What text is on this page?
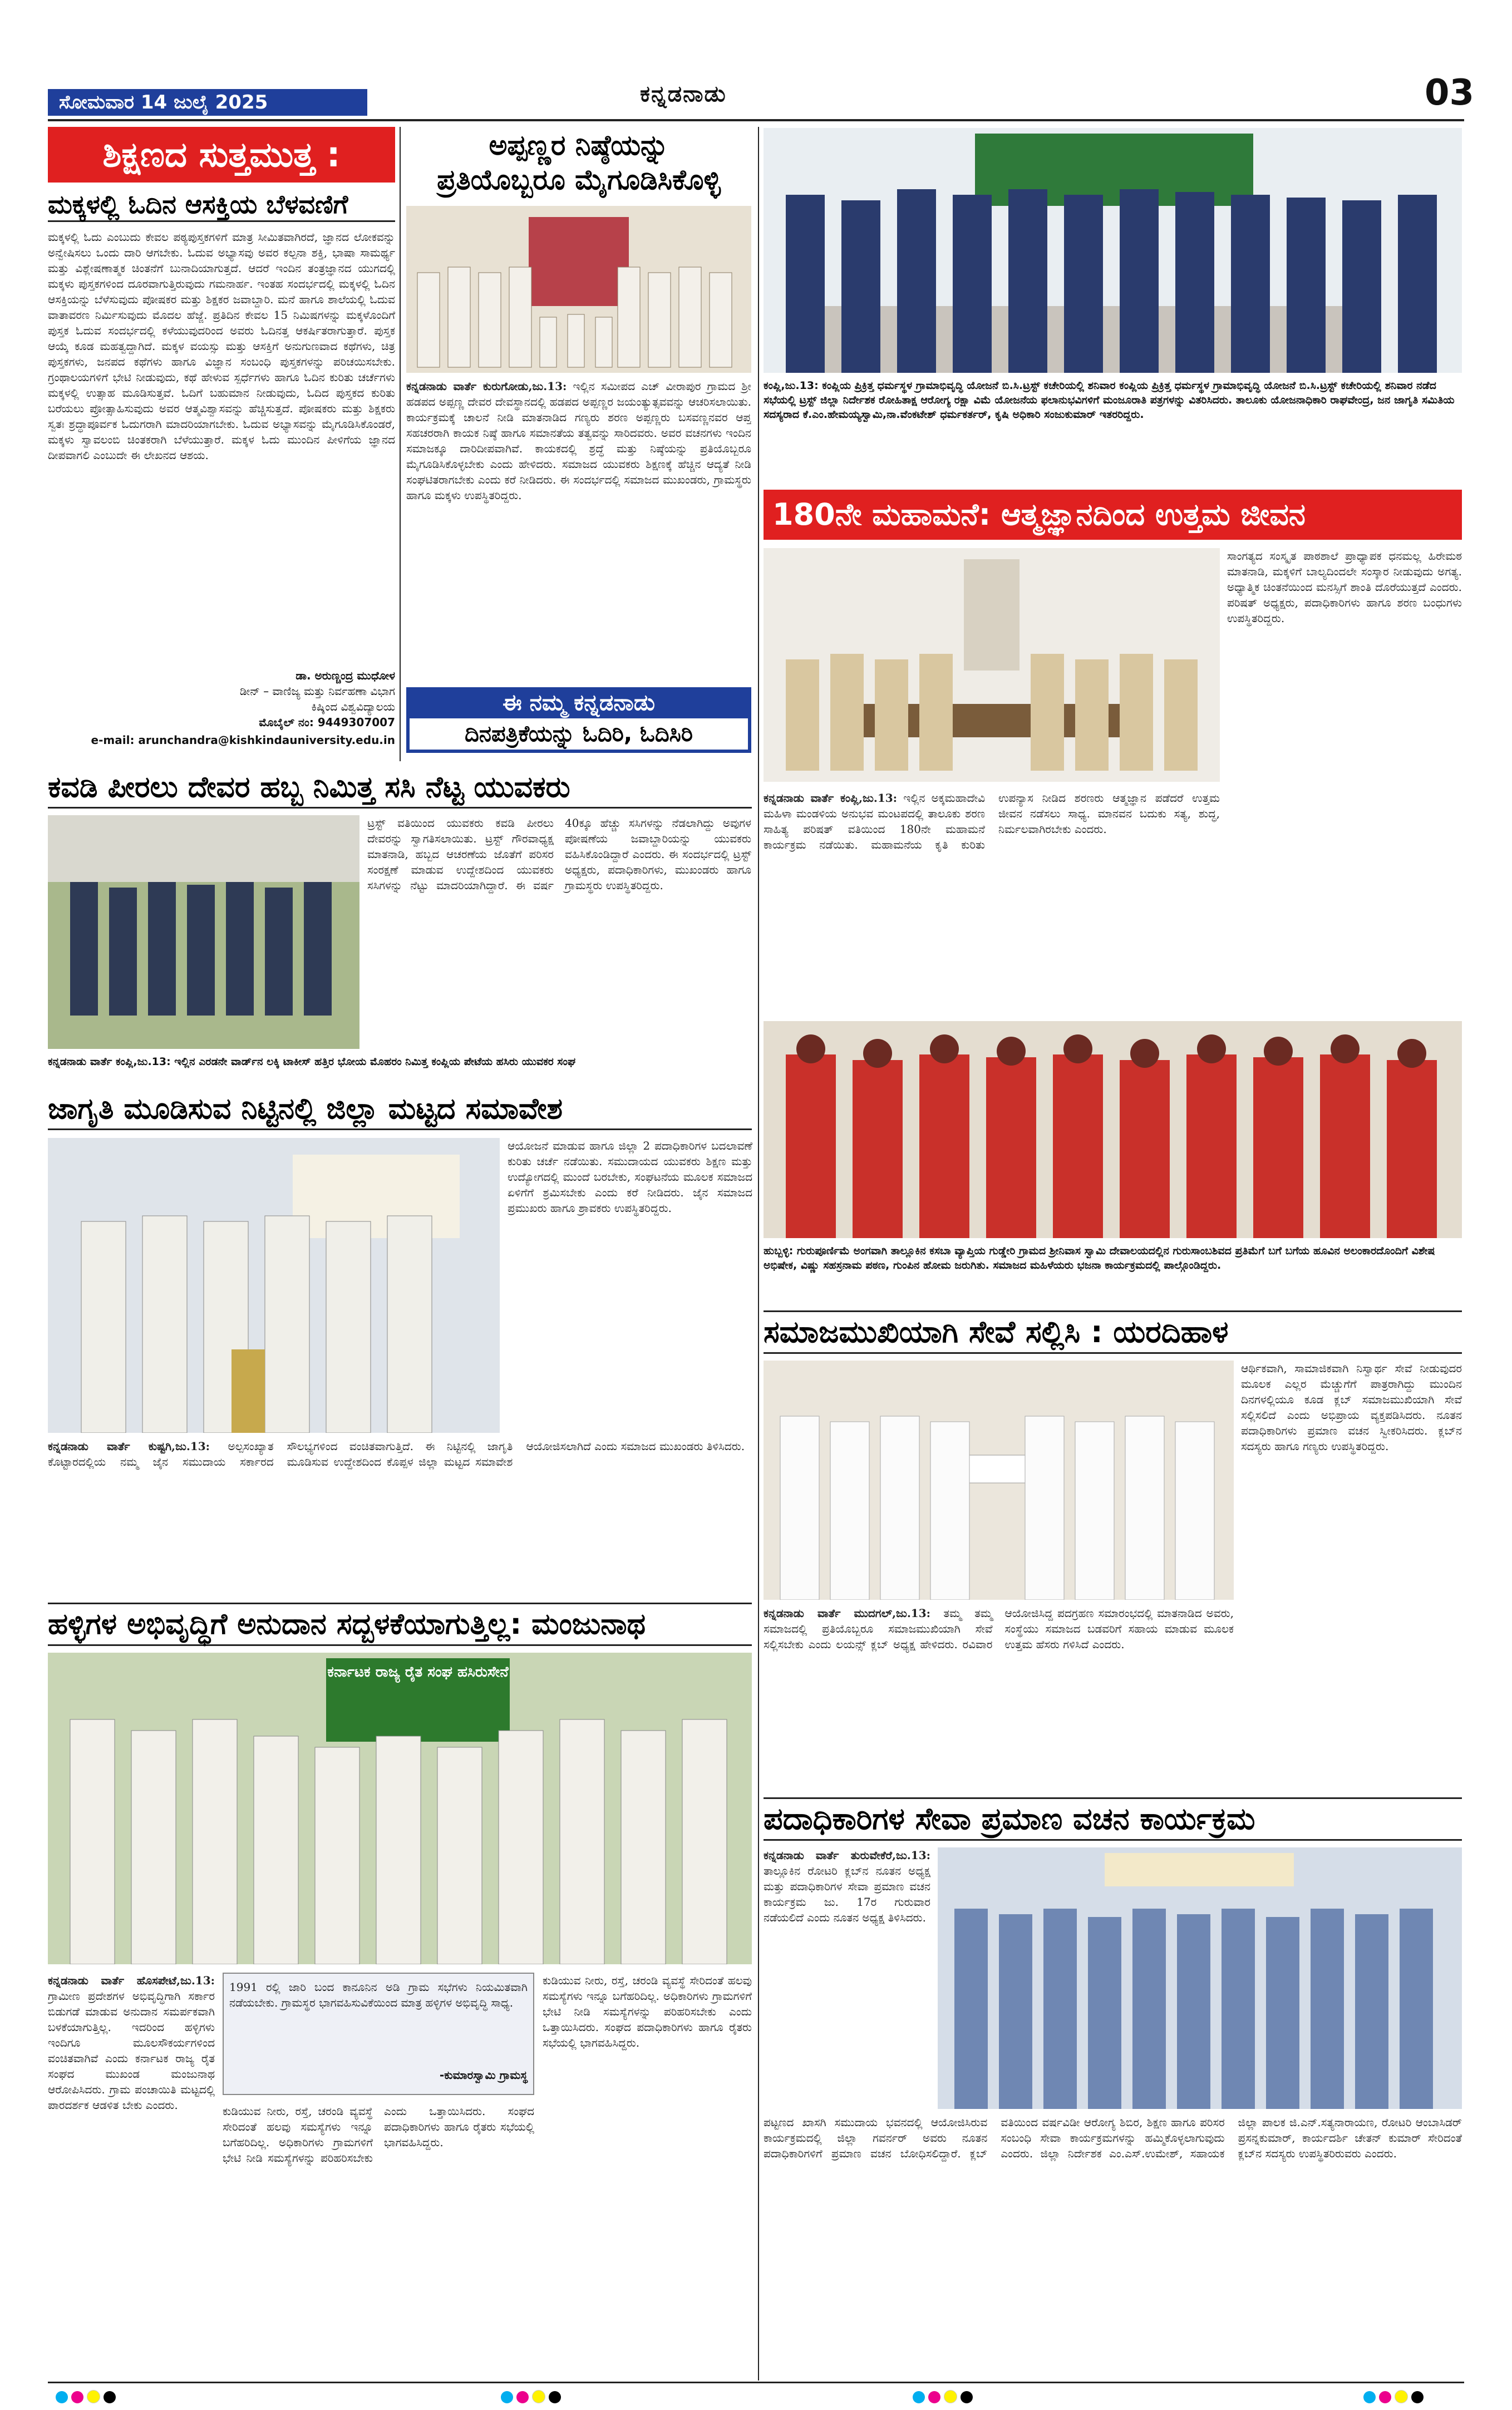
ಸೋಮವಾರ 14 ಜುಲೈ 2025	ಕನ್ನಡನಾಡು	03
ಶಿಕ್ಷಣದ ಸುತ್ತಮುತ್ತ :
ಮಕ್ಕಳಲ್ಲಿ ಓದಿನ ಆಸಕ್ತಿಯ ಬೆಳವಣಿಗೆ
ಮಕ್ಕಳಲ್ಲಿ ಓದು ಎಂಬುದು ಕೇವಲ ಪಠ್ಯಪುಸ್ತಕಗಳಿಗೆ ಮಾತ್ರ ಸೀಮಿತವಾಗಿರದೆ, ಜ್ಞಾನದ ಲೋಕವನ್ನು ಅನ್ವೇಷಿಸಲು ಒಂದು ದಾರಿ ಆಗಬೇಕು. ಓದುವ ಅಭ್ಯಾಸವು ಅವರ ಕಲ್ಪನಾ ಶಕ್ತಿ, ಭಾಷಾ ಸಾಮರ್ಥ್ಯ ಮತ್ತು ವಿಶ್ಲೇಷಣಾತ್ಮಕ ಚಿಂತನೆಗೆ ಬುನಾದಿಯಾಗುತ್ತದೆ. ಆದರೆ ಇಂದಿನ ತಂತ್ರಜ್ಞಾನದ ಯುಗದಲ್ಲಿ ಮಕ್ಕಳು ಪುಸ್ತಕಗಳಿಂದ ದೂರವಾಗುತ್ತಿರುವುದು ಗಮನಾರ್ಹ. ಇಂತಹ ಸಂದರ್ಭದಲ್ಲಿ ಮಕ್ಕಳಲ್ಲಿ ಓದಿನ ಆಸಕ್ತಿಯನ್ನು ಬೆಳೆಸುವುದು ಪೋಷಕರ ಮತ್ತು ಶಿಕ್ಷಕರ ಜವಾಬ್ದಾರಿ. ಮನೆ ಹಾಗೂ ಶಾಲೆಯಲ್ಲಿ ಓದುವ ವಾತಾವರಣ ನಿರ್ಮಿಸುವುದು ಮೊದಲ ಹೆಜ್ಜೆ. ಪ್ರತಿದಿನ ಕೇವಲ 15 ನಿಮಿಷಗಳನ್ನು ಮಕ್ಕಳೊಂದಿಗೆ ಪುಸ್ತಕ ಓದುವ ಸಂದರ್ಭದಲ್ಲಿ ಕಳೆಯುವುದರಿಂದ ಅವರು ಓದಿನತ್ತ ಆಕರ್ಷಿತರಾಗುತ್ತಾರೆ. ಪುಸ್ತಕ ಆಯ್ಕೆ ಕೂಡ ಮಹತ್ವದ್ದಾಗಿದೆ. ಮಕ್ಕಳ ವಯಸ್ಸು ಮತ್ತು ಆಸಕ್ತಿಗೆ ಅನುಗುಣವಾದ ಕಥೆಗಳು, ಚಿತ್ರ ಪುಸ್ತಕಗಳು, ಜನಪದ ಕಥೆಗಳು ಹಾಗೂ ವಿಜ್ಞಾನ ಸಂಬಂಧಿ ಪುಸ್ತಕಗಳನ್ನು ಪರಿಚಯಿಸಬೇಕು. ಗ್ರಂಥಾಲಯಗಳಿಗೆ ಭೇಟಿ ನೀಡುವುದು, ಕಥೆ ಹೇಳುವ ಸ್ಪರ್ಧೆಗಳು ಹಾಗೂ ಓದಿನ ಕುರಿತು ಚರ್ಚೆಗಳು ಮಕ್ಕಳಲ್ಲಿ ಉತ್ಸಾಹ ಮೂಡಿಸುತ್ತವೆ. ಓದಿಗೆ ಬಹುಮಾನ ನೀಡುವುದು, ಓದಿದ ಪುಸ್ತಕದ ಕುರಿತು ಬರೆಯಲು ಪ್ರೋತ್ಸಾಹಿಸುವುದು ಅವರ ಆತ್ಮವಿಶ್ವಾಸವನ್ನು ಹೆಚ್ಚಿಸುತ್ತದೆ. ಪೋಷಕರು ಮತ್ತು ಶಿಕ್ಷಕರು ಸ್ವತಃ ಶ್ರದ್ಧಾಪೂರ್ವಕ ಓದುಗರಾಗಿ ಮಾದರಿಯಾಗಬೇಕು. ಓದುವ ಅಭ್ಯಾಸವನ್ನು ಮೈಗೂಡಿಸಿಕೊಂಡರೆ, ಮಕ್ಕಳು ಸ್ವಾವಲಂಬಿ ಚಿಂತಕರಾಗಿ ಬೆಳೆಯುತ್ತಾರೆ. ಮಕ್ಕಳ ಓದು ಮುಂದಿನ ಪೀಳಿಗೆಯ ಜ್ಞಾನದ ದೀಪವಾಗಲಿ ಎಂಬುದೇ ಈ ಲೇಖನದ ಆಶಯ.
ಡಾ. ಅರುಣ್ಚಂದ್ರ ಮುಧೋಳ
ಡೀನ್ – ವಾಣಿಜ್ಯ ಮತ್ತು ನಿರ್ವಹಣಾ ವಿಭಾಗ
ಕಿಷ್ಕಿಂದ ವಿಶ್ವವಿದ್ಯಾಲಯ
ಮೊಬೈಲ್ ನಂ: 9449307007
e-mail: arunchandra@kishkindauniversity.edu.in
ಅಪ್ಪಣ್ಣರ ನಿಷ್ಠೆಯನ್ನು
ಪ್ರತಿಯೊಬ್ಬರೂ ಮೈಗೂಡಿಸಿಕೊಳ್ಳಿ
ಕನ್ನಡನಾಡು ವಾರ್ತೆ ಕುರುಗೋಡು,ಜು.13: ಇಲ್ಲಿನ ಸಮೀಪದ ಎಚ್ ವೀರಾಪುರ ಗ್ರಾಮದ ಶ್ರೀ ಹಡಪದ ಅಪ್ಪಣ್ಣ ದೇವರ ದೇವಸ್ಥಾನದಲ್ಲಿ ಹಡಪದ ಅಪ್ಪಣ್ಣರ ಜಯಂತ್ಯುತ್ಸವವನ್ನು ಆಚರಿಸಲಾಯಿತು. ಕಾರ್ಯಕ್ರಮಕ್ಕೆ ಚಾಲನೆ ನೀಡಿ ಮಾತನಾಡಿದ ಗಣ್ಯರು ಶರಣ ಅಪ್ಪಣ್ಣರು ಬಸವಣ್ಣನವರ ಆಪ್ತ ಸಹಚರರಾಗಿ ಕಾಯಕ ನಿಷ್ಠೆ ಹಾಗೂ ಸಮಾನತೆಯ ತತ್ವವನ್ನು ಸಾರಿದವರು. ಅವರ ವಚನಗಳು ಇಂದಿನ ಸಮಾಜಕ್ಕೂ ದಾರಿದೀಪವಾಗಿವೆ. ಕಾಯಕದಲ್ಲಿ ಶ್ರದ್ಧೆ ಮತ್ತು ನಿಷ್ಠೆಯನ್ನು ಪ್ರತಿಯೊಬ್ಬರೂ ಮೈಗೂಡಿಸಿಕೊಳ್ಳಬೇಕು ಎಂದು ಹೇಳಿದರು. ಸಮಾಜದ ಯುವಕರು ಶಿಕ್ಷಣಕ್ಕೆ ಹೆಚ್ಚಿನ ಆದ್ಯತೆ ನೀಡಿ ಸಂಘಟಿತರಾಗಬೇಕು ಎಂದು ಕರೆ ನೀಡಿದರು. ಈ ಸಂದರ್ಭದಲ್ಲಿ ಸಮಾಜದ ಮುಖಂಡರು, ಗ್ರಾಮಸ್ಥರು ಹಾಗೂ ಮಕ್ಕಳು ಉಪಸ್ಥಿತರಿದ್ದರು.
ಈ ನಮ್ಮ ಕನ್ನಡನಾಡು
ದಿನಪತ್ರಿಕೆಯನ್ನು ಓದಿರಿ, ಓದಿಸಿರಿ
ಕಂಪ್ಲಿ,ಜು.13: ಕಂಪ್ಲಿಯ ಪ್ರಿಕ್ರಿತ್ತ ಧರ್ಮಸ್ಥಳ ಗ್ರಾಮಾಭಿವೃದ್ಧಿ ಯೋಜನೆ ಬಿ.ಸಿ.ಟ್ರಸ್ಟ್ ಕಚೇರಿಯಲ್ಲಿ ಶನಿವಾರ ಕಂಪ್ಲಿಯ ಪ್ರಿಕ್ರಿತ್ತ ಧರ್ಮಸ್ಥಳ ಗ್ರಾಮಾಭಿವೃದ್ಧಿ ಯೋಜನೆ ಬಿ.ಸಿ.ಟ್ರಸ್ಟ್ ಕಚೇರಿಯಲ್ಲಿ ಶನಿವಾರ ನಡೆದ ಸಭೆಯಲ್ಲಿ ಟ್ರಸ್ಟ್ ಜಿಲ್ಲಾ ನಿರ್ದೇಶಕ ರೋಹಿತಾಕ್ಷ ಆರೋಗ್ಯ ರಕ್ಷಾ ವಿಮೆ ಯೋಜನೆಯ ಫಲಾನುಭವಿಗಳಿಗೆ ಮಂಜೂರಾತಿ ಪತ್ರಗಳನ್ನು ವಿತರಿಸಿದರು. ತಾಲೂಕು ಯೋಜನಾಧಿಕಾರಿ ರಾಘವೇಂದ್ರ, ಜನ ಜಾಗೃತಿ ಸಮಿತಿಯ ಸದಸ್ಯರಾದ ಕೆ.ಎಂ.ಹೇಮಯ್ಯಸ್ವಾಮಿ,ನಾ.ವೆಂಕಟೇಶ್ ಧರ್ಮಕರ್ತರ್, ಕೃಷಿ ಅಧಿಕಾರಿ ಸಂಜುಕುಮಾರ್ ಇತರರಿದ್ದರು.
180ನೇ ಮಹಾಮನೆ: ಆತ್ಮಜ್ಞಾನದಿಂದ ಉತ್ತಮ ಜೀವನ
ಸಾಂಗತ್ಯದ ಸಂಸ್ಕೃತ ಪಾಠಶಾಲೆ ಪ್ರಾಧ್ಯಾಪಕ ಧನಮಲ್ಲ ಹಿರೇಮಠ ಮಾತನಾಡಿ, ಮಕ್ಕಳಿಗೆ ಬಾಲ್ಯದಿಂದಲೇ ಸಂಸ್ಕಾರ ನೀಡುವುದು ಅಗತ್ಯ. ಅಧ್ಯಾತ್ಮಿಕ ಚಿಂತನೆಯಿಂದ ಮನಸ್ಸಿಗೆ ಶಾಂತಿ ದೊರೆಯುತ್ತದೆ ಎಂದರು. ಪರಿಷತ್ ಅಧ್ಯಕ್ಷರು, ಪದಾಧಿಕಾರಿಗಳು ಹಾಗೂ ಶರಣ ಬಂಧುಗಳು ಉಪಸ್ಥಿತರಿದ್ದರು.
ಕನ್ನಡನಾಡು ವಾರ್ತೆ ಕಂಪ್ಲಿ,ಜು.13: ಇಲ್ಲಿನ ಅಕ್ಕಮಹಾದೇವಿ ಮಹಿಳಾ ಮಂಡಳಿಯ ಅನುಭವ ಮಂಟಪದಲ್ಲಿ ತಾಲೂಕು ಶರಣ ಸಾಹಿತ್ಯ ಪರಿಷತ್ ವತಿಯಿಂದ 180ನೇ ಮಹಾಮನೆ ಕಾರ್ಯಕ್ರಮ ನಡೆಯಿತು. ಮಹಾಮನೆಯ ಕೃತಿ ಕುರಿತು ಉಪನ್ಯಾಸ ನೀಡಿದ ಶರಣರು ಆತ್ಮಜ್ಞಾನ ಪಡೆದರೆ ಉತ್ತಮ ಜೀವನ ನಡೆಸಲು ಸಾಧ್ಯ. ಮಾನವನ ಬದುಕು ಸತ್ಯ, ಶುದ್ಧ, ನಿರ್ಮಲವಾಗಿರಬೇಕು ಎಂದರು.
ಹುಬ್ಬಳ್ಳಿ: ಗುರುಪೂರ್ಣಿಮೆ ಅಂಗವಾಗಿ ತಾಲ್ಲೂಕಿನ ಕಸಬಾ ವ್ಯಾಪ್ತಿಯ ಗುಡ್ಡೇರಿ ಗ್ರಾಮದ ಶ್ರೀನಿವಾಸ ಸ್ವಾಮಿ ದೇವಾಲಯದಲ್ಲಿನ ಗುರುಸಾಂಬಶಿವದ ಪ್ರತಿಮೆಗೆ ಬಗೆ ಬಗೆಯ ಹೂವಿನ ಅಲಂಕಾರದೊಂದಿಗೆ ವಿಶೇಷ ಅಭಿಷೇಕ, ವಿಷ್ಣು ಸಹಸ್ರನಾಮ ಪಠಣ, ಗುಂಪಿನ ಹೋಮ ಜರುಗಿತು. ಸಮಾಜದ ಮಹಿಳೆಯರು ಭಜನಾ ಕಾರ್ಯಕ್ರಮದಲ್ಲಿ ಪಾಲ್ಗೊಂಡಿದ್ದರು.
ಕವಡಿ ಪೀರಲು ದೇವರ ಹಬ್ಬ ನಿಮಿತ್ತ ಸಸಿ ನೆಟ್ಟ ಯುವಕರು
ಟ್ರಸ್ಟ್ ವತಿಯಿಂದ ಯುವಕರು ಕವಡಿ ಪೀರಲು ದೇವರನ್ನು ಸ್ವಾಗತಿಸಲಾಯಿತು. ಟ್ರಸ್ಟ್ ಗೌರವಾಧ್ಯಕ್ಷ ಮಾತನಾಡಿ, ಹಬ್ಬದ ಆಚರಣೆಯ ಜೊತೆಗೆ ಪರಿಸರ ಸಂರಕ್ಷಣೆ ಮಾಡುವ ಉದ್ದೇಶದಿಂದ ಯುವಕರು ಸಸಿಗಳನ್ನು ನೆಟ್ಟು ಮಾದರಿಯಾಗಿದ್ದಾರೆ. ಈ ವರ್ಷ 40ಕ್ಕೂ ಹೆಚ್ಚು ಸಸಿಗಳನ್ನು ನೆಡಲಾಗಿದ್ದು ಅವುಗಳ ಪೋಷಣೆಯ ಜವಾಬ್ದಾರಿಯನ್ನು ಯುವಕರು ವಹಿಸಿಕೊಂಡಿದ್ದಾರೆ ಎಂದರು. ಈ ಸಂದರ್ಭದಲ್ಲಿ ಟ್ರಸ್ಟ್ ಅಧ್ಯಕ್ಷರು, ಪದಾಧಿಕಾರಿಗಳು, ಮುಖಂಡರು ಹಾಗೂ ಗ್ರಾಮಸ್ಥರು ಉಪಸ್ಥಿತರಿದ್ದರು.
ಕನ್ನಡನಾಡು ವಾರ್ತೆ ಕಂಪ್ಲಿ,ಜು.13: ಇಲ್ಲಿನ ಎರಡನೇ ವಾರ್ಡ್‌ನ ಲಕ್ಕಿ ಟಾಕೀಸ್ ಹತ್ತಿರ ಭೋಯ ಮೊಹರಂ ನಿಮಿತ್ತ ಕಂಪ್ಲಿಯ ಪೇಟೆಯ ಹಸಿರು ಯುವಕರ ಸಂಘ
ಜಾಗೃತಿ ಮೂಡಿಸುವ ನಿಟ್ಟಿನಲ್ಲಿ ಜಿಲ್ಲಾ ಮಟ್ಟದ ಸಮಾವೇಶ
ಆಯೋಜನೆ ಮಾಡುವ ಹಾಗೂ ಜಿಲ್ಲಾ 2 ಪದಾಧಿಕಾರಿಗಳ ಬದಲಾವಣೆ ಕುರಿತು ಚರ್ಚೆ ನಡೆಯಿತು. ಸಮುದಾಯದ ಯುವಕರು ಶಿಕ್ಷಣ ಮತ್ತು ಉದ್ಯೋಗದಲ್ಲಿ ಮುಂದೆ ಬರಬೇಕು, ಸಂಘಟನೆಯ ಮೂಲಕ ಸಮಾಜದ ಏಳಿಗೆಗೆ ಶ್ರಮಿಸಬೇಕು ಎಂದು ಕರೆ ನೀಡಿದರು. ಜೈನ ಸಮಾಜದ ಪ್ರಮುಖರು ಹಾಗೂ ಶ್ರಾವಕರು ಉಪಸ್ಥಿತರಿದ್ದರು.
ಕನ್ನಡನಾಡು ವಾರ್ತೆ ಕುಷ್ಟಗಿ,ಜು.13: ಅಲ್ಪಸಂಖ್ಯಾತ ಕೊಟ್ಟಾರದಲ್ಲಿಯ ನಮ್ಮ ಜೈನ ಸಮುದಾಯ ಸರ್ಕಾರದ ಸೌಲಭ್ಯಗಳಿಂದ ವಂಚಿತವಾಗುತ್ತಿದೆ. ಈ ನಿಟ್ಟಿನಲ್ಲಿ ಜಾಗೃತಿ ಮೂಡಿಸುವ ಉದ್ದೇಶದಿಂದ ಕೊಪ್ಪಳ ಜಿಲ್ಲಾ ಮಟ್ಟದ ಸಮಾವೇಶ ಆಯೋಜಿಸಲಾಗಿದೆ ಎಂದು ಸಮಾಜದ ಮುಖಂಡರು ತಿಳಿಸಿದರು.
ಸಮಾಜಮುಖಿಯಾಗಿ ಸೇವೆ ಸಲ್ಲಿಸಿ : ಯರದಿಹಾಳ
ಆರ್ಥಿಕವಾಗಿ, ಸಾಮಾಜಿಕವಾಗಿ ನಿಸ್ವಾರ್ಥ ಸೇವೆ ನೀಡುವುದರ ಮೂಲಕ ಎಲ್ಲರ ಮೆಚ್ಚುಗೆಗೆ ಪಾತ್ರರಾಗಿದ್ದು ಮುಂದಿನ ದಿನಗಳಲ್ಲಿಯೂ ಕೂಡ ಕ್ಲಬ್ ಸಮಾಜಮುಖಿಯಾಗಿ ಸೇವೆ ಸಲ್ಲಿಸಲಿದೆ ಎಂದು ಅಭಿಪ್ರಾಯ ವ್ಯಕ್ತಪಡಿಸಿದರು. ನೂತನ ಪದಾಧಿಕಾರಿಗಳು ಪ್ರಮಾಣ ವಚನ ಸ್ವೀಕರಿಸಿದರು. ಕ್ಲಬ್‌ನ ಸದಸ್ಯರು ಹಾಗೂ ಗಣ್ಯರು ಉಪಸ್ಥಿತರಿದ್ದರು.
ಕನ್ನಡನಾಡು ವಾರ್ತೆ ಮುದಗಲ್,ಜು.13: ತಮ್ಮ ತಮ್ಮ ಸಮಾಜದಲ್ಲಿ ಪ್ರತಿಯೊಬ್ಬರೂ ಸಮಾಜಮುಖಿಯಾಗಿ ಸೇವೆ ಸಲ್ಲಿಸಬೇಕು ಎಂದು ಲಯನ್ಸ್ ಕ್ಲಬ್ ಅಧ್ಯಕ್ಷ ಹೇಳಿದರು. ರವಿವಾರ ಆಯೋಜಿಸಿದ್ದ ಪದಗ್ರಹಣ ಸಮಾರಂಭದಲ್ಲಿ ಮಾತನಾಡಿದ ಅವರು, ಸಂಸ್ಥೆಯು ಸಮಾಜದ ಬಡವರಿಗೆ ಸಹಾಯ ಮಾಡುವ ಮೂಲಕ ಉತ್ತಮ ಹೆಸರು ಗಳಿಸಿದೆ ಎಂದರು.
ಹಳ್ಳಿಗಳ ಅಭಿವೃದ್ಧಿಗೆ ಅನುದಾನ ಸದ್ಬಳಕೆಯಾಗುತ್ತಿಲ್ಲ: ಮಂಜುನಾಥ
ಕರ್ನಾಟಕ ರಾಜ್ಯ ರೈತ ಸಂಘ ಹಸಿರುಸೇನೆ
ಕನ್ನಡನಾಡು ವಾರ್ತೆ ಹೊಸಪೇಟೆ,ಜು.13: ಗ್ರಾಮೀಣ ಪ್ರದೇಶಗಳ ಅಭಿವೃದ್ಧಿಗಾಗಿ ಸರ್ಕಾರ ಬಿಡುಗಡೆ ಮಾಡುವ ಅನುದಾನ ಸಮರ್ಪಕವಾಗಿ ಬಳಕೆಯಾಗುತ್ತಿಲ್ಲ. ಇದರಿಂದ ಹಳ್ಳಿಗಳು ಇಂದಿಗೂ ಮೂಲಸೌಕರ್ಯಗಳಿಂದ ವಂಚಿತವಾಗಿವೆ ಎಂದು ಕರ್ನಾಟಕ ರಾಜ್ಯ ರೈತ ಸಂಘದ ಮುಖಂಡ ಮಂಜುನಾಥ ಆರೋಪಿಸಿದರು. ಗ್ರಾಮ ಪಂಚಾಯಿತಿ ಮಟ್ಟದಲ್ಲಿ ಪಾರದರ್ಶಕ ಆಡಳಿತ ಬೇಕು ಎಂದರು.
1991 ರಲ್ಲಿ ಜಾರಿ ಬಂದ ಕಾನೂನಿನ ಅಡಿ ಗ್ರಾಮ ಸಭೆಗಳು ನಿಯಮಿತವಾಗಿ ನಡೆಯಬೇಕು. ಗ್ರಾಮಸ್ಥರ ಭಾಗವಹಿಸುವಿಕೆಯಿಂದ ಮಾತ್ರ ಹಳ್ಳಿಗಳ ಅಭಿವೃದ್ಧಿ ಸಾಧ್ಯ.
-ಕುಮಾರಸ್ವಾಮಿ ಗ್ರಾಮಸ್ಥ
ಕುಡಿಯುವ ನೀರು, ರಸ್ತೆ, ಚರಂಡಿ ವ್ಯವಸ್ಥೆ ಸೇರಿದಂತೆ ಹಲವು ಸಮಸ್ಯೆಗಳು ಇನ್ನೂ ಬಗೆಹರಿದಿಲ್ಲ. ಅಧಿಕಾರಿಗಳು ಗ್ರಾಮಗಳಿಗೆ ಭೇಟಿ ನೀಡಿ ಸಮಸ್ಯೆಗಳನ್ನು ಪರಿಹರಿಸಬೇಕು ಎಂದು ಒತ್ತಾಯಿಸಿದರು. ಸಂಘದ ಪದಾಧಿಕಾರಿಗಳು ಹಾಗೂ ರೈತರು ಸಭೆಯಲ್ಲಿ ಭಾಗವಹಿಸಿದ್ದರು.
ಕುಡಿಯುವ ನೀರು, ರಸ್ತೆ, ಚರಂಡಿ ವ್ಯವಸ್ಥೆ ಸೇರಿದಂತೆ ಹಲವು ಸಮಸ್ಯೆಗಳು ಇನ್ನೂ ಬಗೆಹರಿದಿಲ್ಲ. ಅಧಿಕಾರಿಗಳು ಗ್ರಾಮಗಳಿಗೆ ಭೇಟಿ ನೀಡಿ ಸಮಸ್ಯೆಗಳನ್ನು ಪರಿಹರಿಸಬೇಕು ಎಂದು ಒತ್ತಾಯಿಸಿದರು. ಸಂಘದ ಪದಾಧಿಕಾರಿಗಳು ಹಾಗೂ ರೈತರು ಸಭೆಯಲ್ಲಿ ಭಾಗವಹಿಸಿದ್ದರು.
ಪದಾಧಿಕಾರಿಗಳ ಸೇವಾ ಪ್ರಮಾಣ ವಚನ ಕಾರ್ಯಕ್ರಮ
ಕನ್ನಡನಾಡು ವಾರ್ತೆ ತುರುವೇಕೆರೆ,ಜು.13: ತಾಲ್ಲೂಕಿನ ರೋಟರಿ ಕ್ಲಬ್‌ನ ನೂತನ ಅಧ್ಯಕ್ಷ ಮತ್ತು ಪದಾಧಿಕಾರಿಗಳ ಸೇವಾ ಪ್ರಮಾಣ ವಚನ ಕಾರ್ಯಕ್ರಮ ಜು. 17ರ ಗುರುವಾರ ನಡೆಯಲಿದೆ ಎಂದು ನೂತನ ಅಧ್ಯಕ್ಷ ತಿಳಿಸಿದರು.
ಪಟ್ಟಣದ ಖಾಸಗಿ ಸಮುದಾಯ ಭವನದಲ್ಲಿ ಆಯೋಜಿಸಿರುವ ಕಾರ್ಯಕ್ರಮದಲ್ಲಿ ಜಿಲ್ಲಾ ಗವರ್ನರ್ ಅವರು ನೂತನ ಪದಾಧಿಕಾರಿಗಳಿಗೆ ಪ್ರಮಾಣ ವಚನ ಬೋಧಿಸಲಿದ್ದಾರೆ. ಕ್ಲಬ್ ವತಿಯಿಂದ ವರ್ಷವಿಡೀ ಆರೋಗ್ಯ ಶಿಬಿರ, ಶಿಕ್ಷಣ ಹಾಗೂ ಪರಿಸರ ಸಂಬಂಧಿ ಸೇವಾ ಕಾರ್ಯಕ್ರಮಗಳನ್ನು ಹಮ್ಮಿಕೊಳ್ಳಲಾಗುವುದು ಎಂದರು. ಜಿಲ್ಲಾ ನಿರ್ದೇಶಕ ಎಂ.ಎಸ್.ಉಮೇಶ್, ಸಹಾಯಕ ಜಿಲ್ಲಾ ಪಾಲಕ ಜಿ.ಎನ್.ಸತ್ಯನಾರಾಯಣ, ರೋಟರಿ ಆಂಬಾಸಿಡರ್ ಪ್ರಸನ್ನಕುಮಾರ್, ಕಾರ್ಯದರ್ಶಿ ಚೇತನ್ ಕುಮಾರ್ ಸೇರಿದಂತೆ ಕ್ಲಬ್‌ನ ಸದಸ್ಯರು ಉಪಸ್ಥಿತರಿರುವರು ಎಂದರು.
